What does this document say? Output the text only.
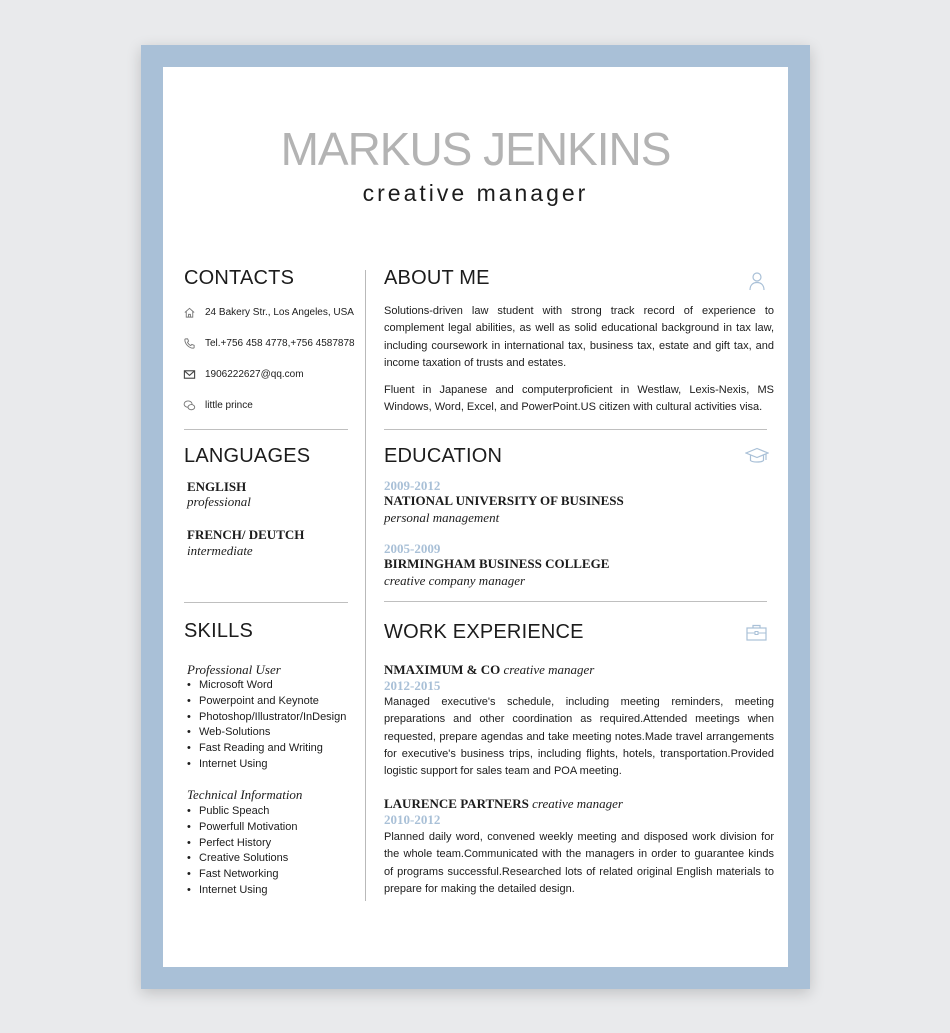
MARKUS JENKINS
creative manager
CONTACTS
24 Bakery Str., Los Angeles, USA
Tel.+756 458 4778,+756 4587878
1906222627@qq.com
little prince
LANGUAGES
ENGLISH
professional
FRENCH/ DEUTCH
intermediate
SKILLS
Professional User
• Microsoft Word
• Powerpoint and Keynote
• Photoshop/Illustrator/InDesign
• Web-Solutions
• Fast Reading and Writing
• Internet Using
Technical Information
• Public Speach
• Powerfull Motivation
• Perfect History
• Creative Solutions
• Fast Networking
• Internet Using
ABOUT ME
Solutions-driven law student with strong track record of experience to complement legal abilities, as well as solid educational background in tax law, including coursework in international tax, business tax, estate and gift tax, and income taxation of trusts and estates.
Fluent in Japanese and computerproficient in Westlaw, Lexis-Nexis, MS Windows, Word, Excel, and PowerPoint.US citizen with cultural activities visa.
EDUCATION
2009-2012
NATIONAL UNIVERSITY OF BUSINESS
personal management
2005-2009
BIRMINGHAM BUSINESS COLLEGE
creative company manager
WORK EXPERIENCE
NMAXIMUM & CO creative manager
2012-2015
Managed executive's schedule, including meeting reminders, meeting preparations and other coordination as required.Attended meetings when requested, prepare agendas and take meeting notes.Made travel arrangements for executive's business trips, including flights, hotels, transportation.Provided logistic support for sales team and POA meeting.
LAURENCE PARTNERS creative manager
2010-2012
Planned daily word, convened weekly meeting and disposed work division for the whole team.Communicated with the managers in order to guarantee kinds of programs successful.Researched lots of related original English materials to prepare for making the detailed design.
